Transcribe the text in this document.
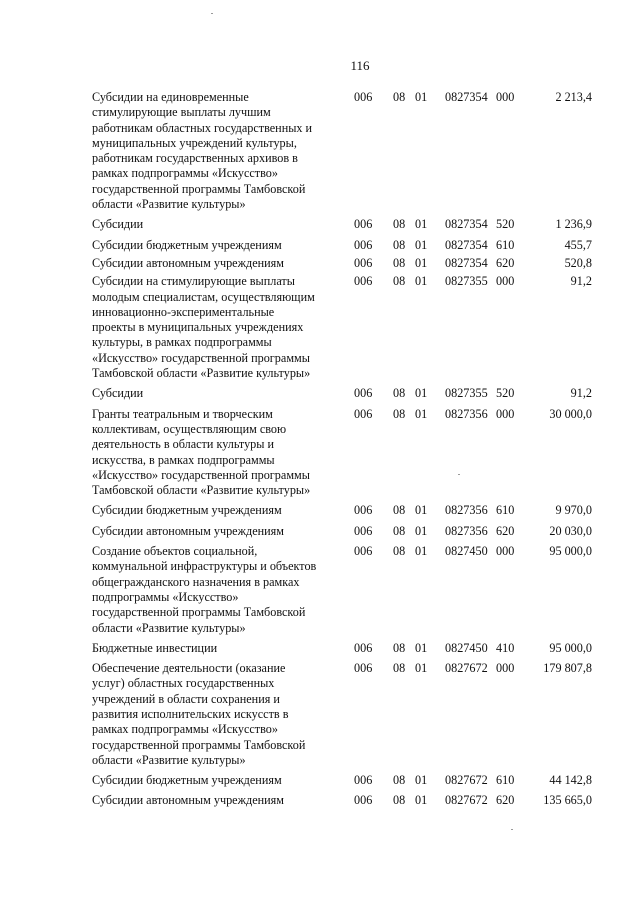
116
Субсидии на единовременные
стимулирующие выплаты лучшим
работникам областных государственных и
муниципальных учреждений культуры,
работникам государственных архивов в
рамках подпрограммы «Искусство»
государственной программы Тамбовской
области «Развитие культуры»
006 08 01 0827354 000	2 213,4
Субсидии	006 08 01 0827354 520	1 236,9
Субсидии бюджетным учреждениям	006 08 01 0827354 610	455,7
Субсидии автономным учреждениям	006 08 01 0827354 620	520,8
Субсидии на стимулирующие выплаты
молодым специалистам, осуществляющим
инновационно-экспериментальные
проекты в муниципальных учреждениях
культуры, в рамках подпрограммы
«Искусство» государственной программы
Тамбовской области «Развитие культуры»
006 08 01 0827355 000	91,2
Субсидии	006 08 01 0827355 520	91,2
Гранты театральным и творческим
коллективам, осуществляющим свою
деятельность в области культуры и
искусства, в рамках подпрограммы
«Искусство» государственной программы
Тамбовской области «Развитие культуры»
006 08 01 0827356 000	30 000,0
Субсидии бюджетным учреждениям	006 08 01 0827356 610	9 970,0
Субсидии автономным учреждениям	006 08 01 0827356 620	20 030,0
Создание объектов социальной,
коммунальной инфраструктуры и объектов
общегражданского назначения в рамках
подпрограммы «Искусство»
государственной программы Тамбовской
области «Развитие культуры»
006 08 01 0827450 000	95 000,0
Бюджетные инвестиции	006 08 01 0827450 410	95 000,0
Обеспечение деятельности (оказание
услуг) областных государственных
учреждений в области сохранения и
развития исполнительских искусств в
рамках подпрограммы «Искусство»
государственной программы Тамбовской
области «Развитие культуры»
006 08 01 0827672 000	179 807,8
Субсидии бюджетным учреждениям	006 08 01 0827672 610	44 142,8
Субсидии автономным учреждениям	006 08 01 0827672 620	135 665,0
